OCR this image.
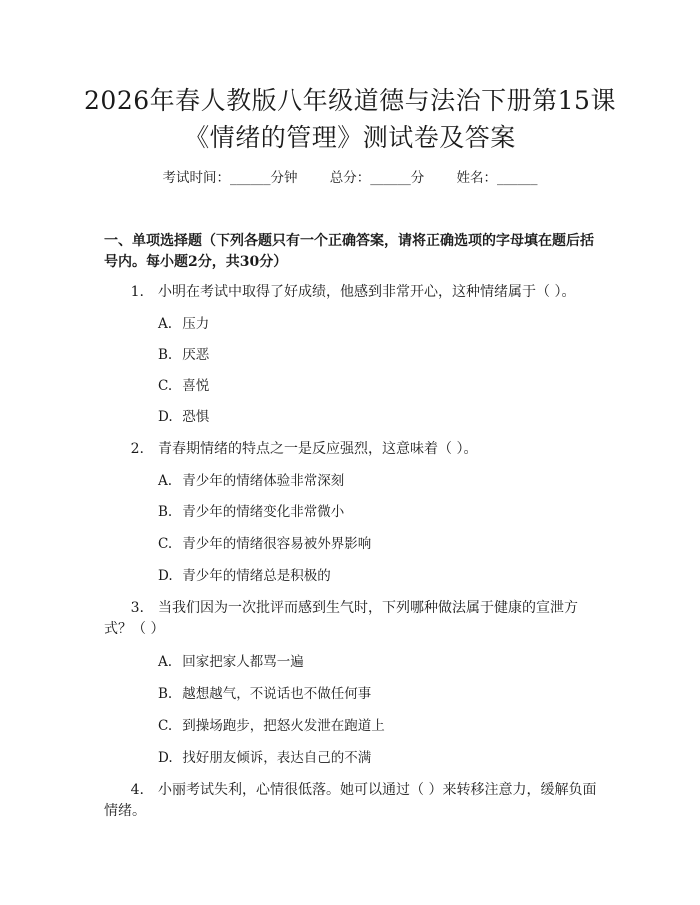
2026年春人教版八年级道德与法治下册第15课《情绪的管理》测试卷及答案
考试时间：______分钟 总分：______分 姓名：______
一、单项选择题（下列各题只有一个正确答案，请将正确选项的字母填在题后括号内。每小题2分，共30分）
1. 小明在考试中取得了好成绩，他感到非常开心，这种情绪属于（ ）。
A. 压力
B. 厌恶
C. 喜悦
D. 恐惧
2. 青春期情绪的特点之一是反应强烈，这意味着（ ）。
A. 青少年的情绪体验非常深刻
B. 青少年的情绪变化非常微小
C. 青少年的情绪很容易被外界影响
D. 青少年的情绪总是积极的
3. 当我们因为一次批评而感到生气时，下列哪种做法属于健康的宣泄方式？（ ）
A. 回家把家人都骂一遍
B. 越想越气，不说话也不做任何事
C. 到操场跑步，把怒火发泄在跑道上
D. 找好朋友倾诉，表达自己的不满
4. 小丽考试失利，心情很低落。她可以通过（ ）来转移注意力，缓解负面情绪。
